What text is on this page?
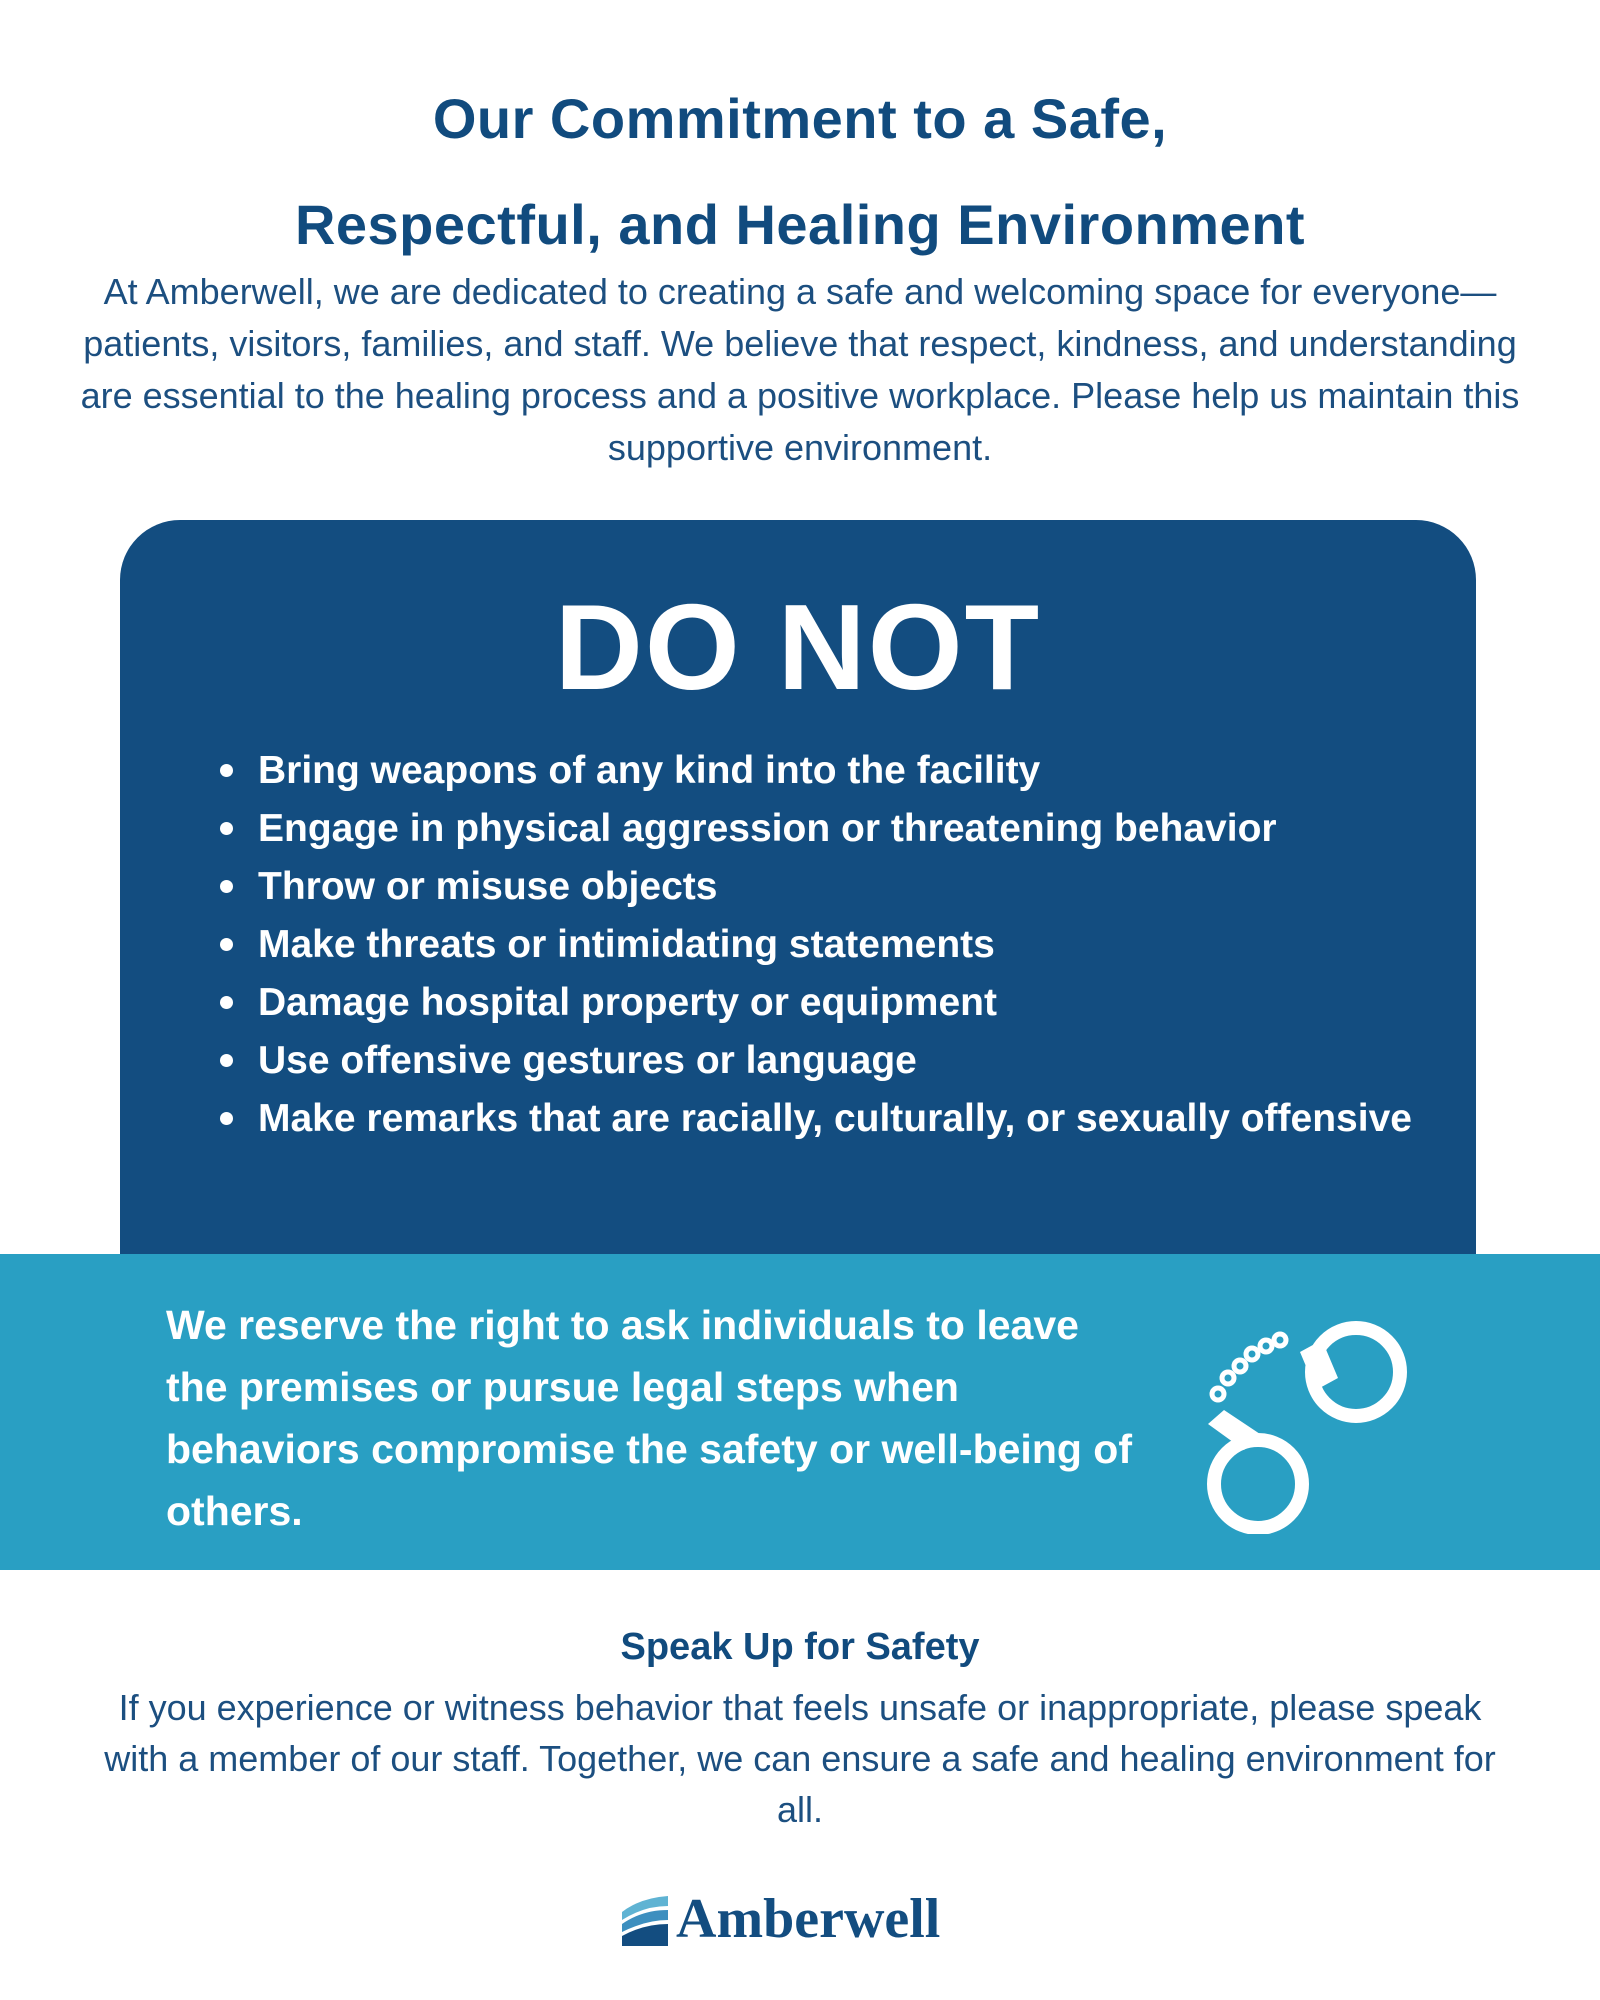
Our Commitment to a Safe,
Respectful, and Healing Environment
At Amberwell, we are dedicated to creating a safe and welcoming space for everyone—patients, visitors, families, and staff. We believe that respect, kindness, and understanding are essential to the healing process and a positive workplace. Please help us maintain this supportive environment.
DO NOT
Bring weapons of any kind into the facility
Engage in physical aggression or threatening behavior
Throw or misuse objects
Make threats or intimidating statements
Damage hospital property or equipment
Use offensive gestures or language
Make remarks that are racially, culturally, or sexually offensive
We reserve the right to ask individuals to leave the premises or pursue legal steps when behaviors compromise the safety or well-being of others.
Speak Up for Safety
If you experience or witness behavior that feels unsafe or inappropriate, please speak with a member of our staff. Together, we can ensure a safe and healing environment for all.
Amberwell
